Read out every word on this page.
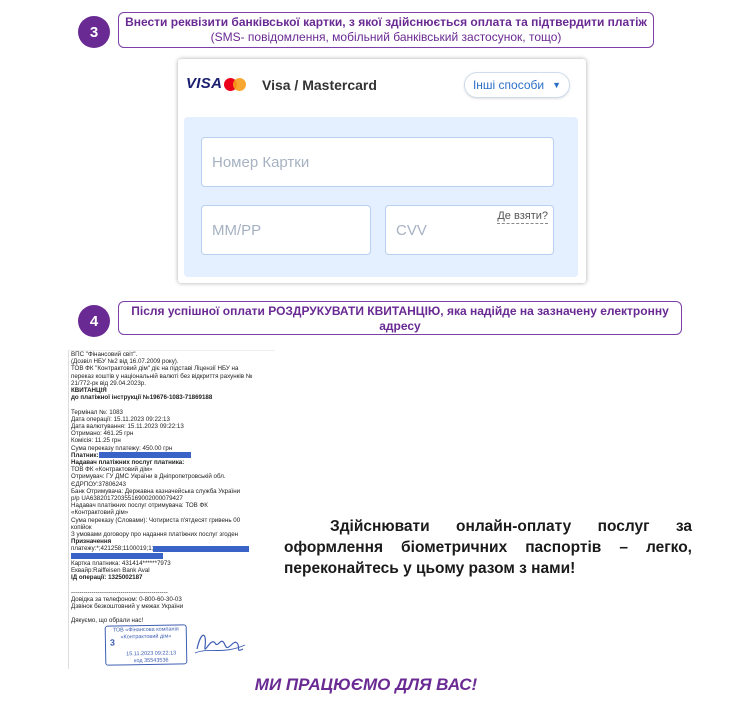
3
Внести реквізити банківської картки, з якої здійснюється оплата та підтвердити платіж
(SMS- повідомлення, мобільний банківський застосунок, тощо)
VISA	Visa / Mastercard	Інші способи ▼
Номер Картки
ММ/РР	CVV
Де взяти?
4
Після успішної оплати РОЗДРУКУВАТИ КВИТАНЦІЮ, яка надійде на зазначену електронну адресу
ВПС "Фінансовий світ".
(Дозвіл НБУ №2 від 16.07.2009 року).
ТОВ ФК "Контрактовий дім" діє на підставі Ліцензії НБУ на
переказ коштів у національній валюті без відкриття рахунків №
21/772-рк від 29.04.2023р.
КВИТАНЦІЯ
до платіжної інструкції №19676-1083-71869188
Термінал №: 1083
Дата операції: 15.11.2023 09:22:13
Дата валютування: 15.11.2023 09:22:13
Отримано: 461.25 грн
Комісія: 11.25 грн
Сума переказу платежу: 450.00 грн
Платник:
Надавач платіжних послуг платника:
ТОВ ФК «Контрактовий дім»
Отримувач: ГУ ДМС України в Дніпропетровській обл.
ЄДРПОУ:37806243
Банк Отримувача: Державна казначейська служба України
р/р UA638201720355169002000079427
Надавач платіжних послуг отримувача: ТОВ ФК
«Контрактовий дім»
Сума переказу (Словами): Чотириста п'ятдесят гривень 00
копійок
З умовами договору про надання платіжних послуг згоден
Призначення
платежу:*;421258;1100019;1;
Картка платника: 431414******7973
Еквайр:Raiffeisen Bank Aval
ІД операції: 1325002187
-----------------------------------------------
Довідка за телефоном: 0-800-60-30-03
Дзвінок безкоштовний у межах України
Дякуємо, що обрали нас!
ТОВ «Фінансова компанія
«Контрактовий дім»
3
15.11.2023 09:22:13
код 35543536
Здійснювати онлайн-оплату послуг за оформлення біометричних паспортів – легко, переконайтесь у цьому разом з нами!
МИ ПРАЦЮЄМО ДЛЯ ВАС!
